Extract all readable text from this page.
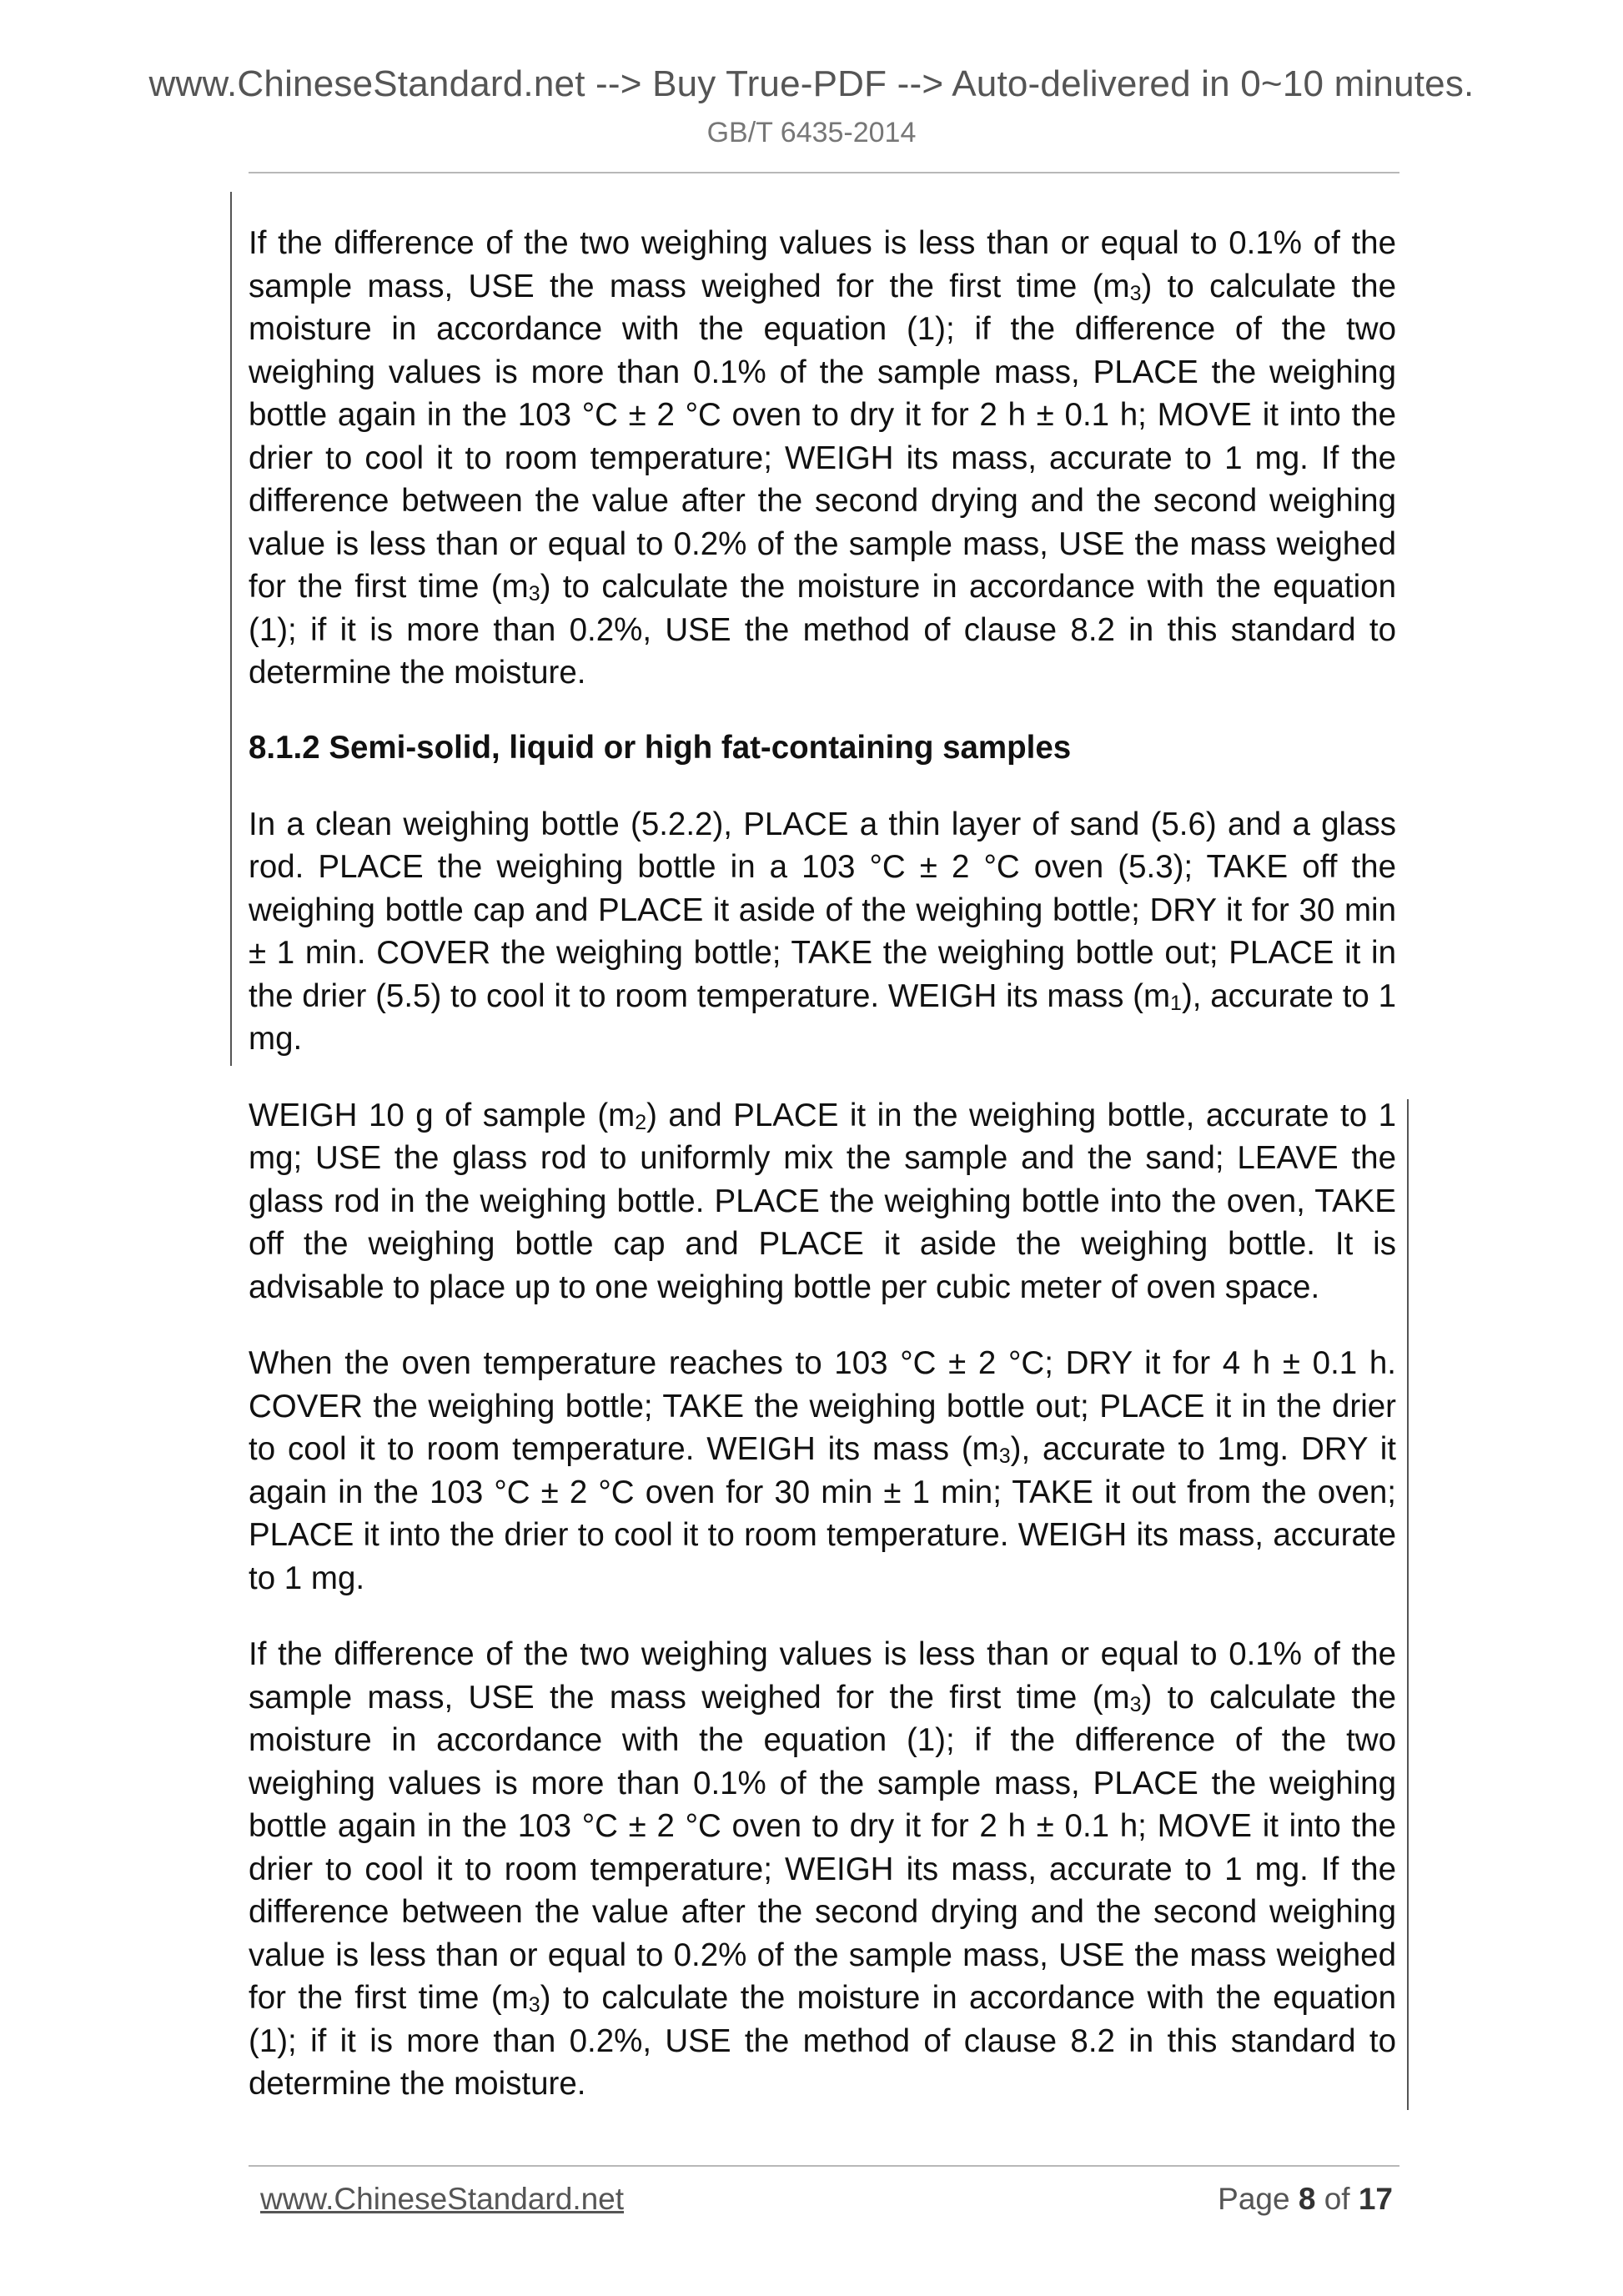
www.ChineseStandard.net --> Buy True-PDF --> Auto-delivered in 0~10 minutes.
GB/T 6435-2014

If the difference of the two weighing values is less than or equal to 0.1% of the sample mass, USE the mass weighed for the first time $(m_3)$ to calculate the moisture in accordance with the equation (1); if the difference of the two weighing values is more than 0.1% of the sample mass, PLACE the weighing bottle again in the 103 °C ± 2 °C oven to dry it for 2 h ± 0.1 h; MOVE it into the drier to cool it to room temperature; WEIGH its mass, accurate to 1 mg. If the difference between the value after the second drying and the second weighing value is less than or equal to 0.2% of the sample mass, USE the mass weighed for the first time $(m_3)$ to calculate the moisture in accordance with the equation (1); if it is more than 0.2%, USE the method of clause 8.2 in this standard to determine the moisture.

8.1.2 Semi-solid, liquid or high fat-containing samples

In a clean weighing bottle (5.2.2), PLACE a thin layer of sand (5.6) and a glass rod. PLACE the weighing bottle in a 103 °C ± 2 °C oven (5.3); TAKE off the weighing bottle cap and PLACE it aside of the weighing bottle; DRY it for 30 min ± 1 min. COVER the weighing bottle; TAKE the weighing bottle out; PLACE it in the drier (5.5) to cool it to room temperature. WEIGH its mass $(m_1)$, accurate to 1 mg.

WEIGH 10 g of sample $(m_2)$ and PLACE it in the weighing bottle, accurate to 1 mg; USE the glass rod to uniformly mix the sample and the sand; LEAVE the glass rod in the weighing bottle. PLACE the weighing bottle into the oven, TAKE off the weighing bottle cap and PLACE it aside the weighing bottle. It is advisable to place up to one weighing bottle per cubic meter of oven space.

When the oven temperature reaches to 103 °C ± 2 °C; DRY it for 4 h ± 0.1 h. COVER the weighing bottle; TAKE the weighing bottle out; PLACE it in the drier to cool it to room temperature. WEIGH its mass $(m_3)$, accurate to 1mg. DRY it again in the 103 °C ± 2 °C oven for 30 min ± 1 min; TAKE it out from the oven; PLACE it into the drier to cool it to room temperature. WEIGH its mass, accurate to 1 mg.

If the difference of the two weighing values is less than or equal to 0.1% of the sample mass, USE the mass weighed for the first time $(m_3)$ to calculate the moisture in accordance with the equation (1); if the difference of the two weighing values is more than 0.1% of the sample mass, PLACE the weighing bottle again in the 103 °C ± 2 °C oven to dry it for 2 h ± 0.1 h; MOVE it into the drier to cool it to room temperature; WEIGH its mass, accurate to 1 mg. If the difference between the value after the second drying and the second weighing value is less than or equal to 0.2% of the sample mass, USE the mass weighed for the first time $(m_3)$ to calculate the moisture in accordance with the equation (1); if it is more than 0.2%, USE the method of clause 8.2 in this standard to determine the moisture.

www.ChineseStandard.net	Page 8 of 17
